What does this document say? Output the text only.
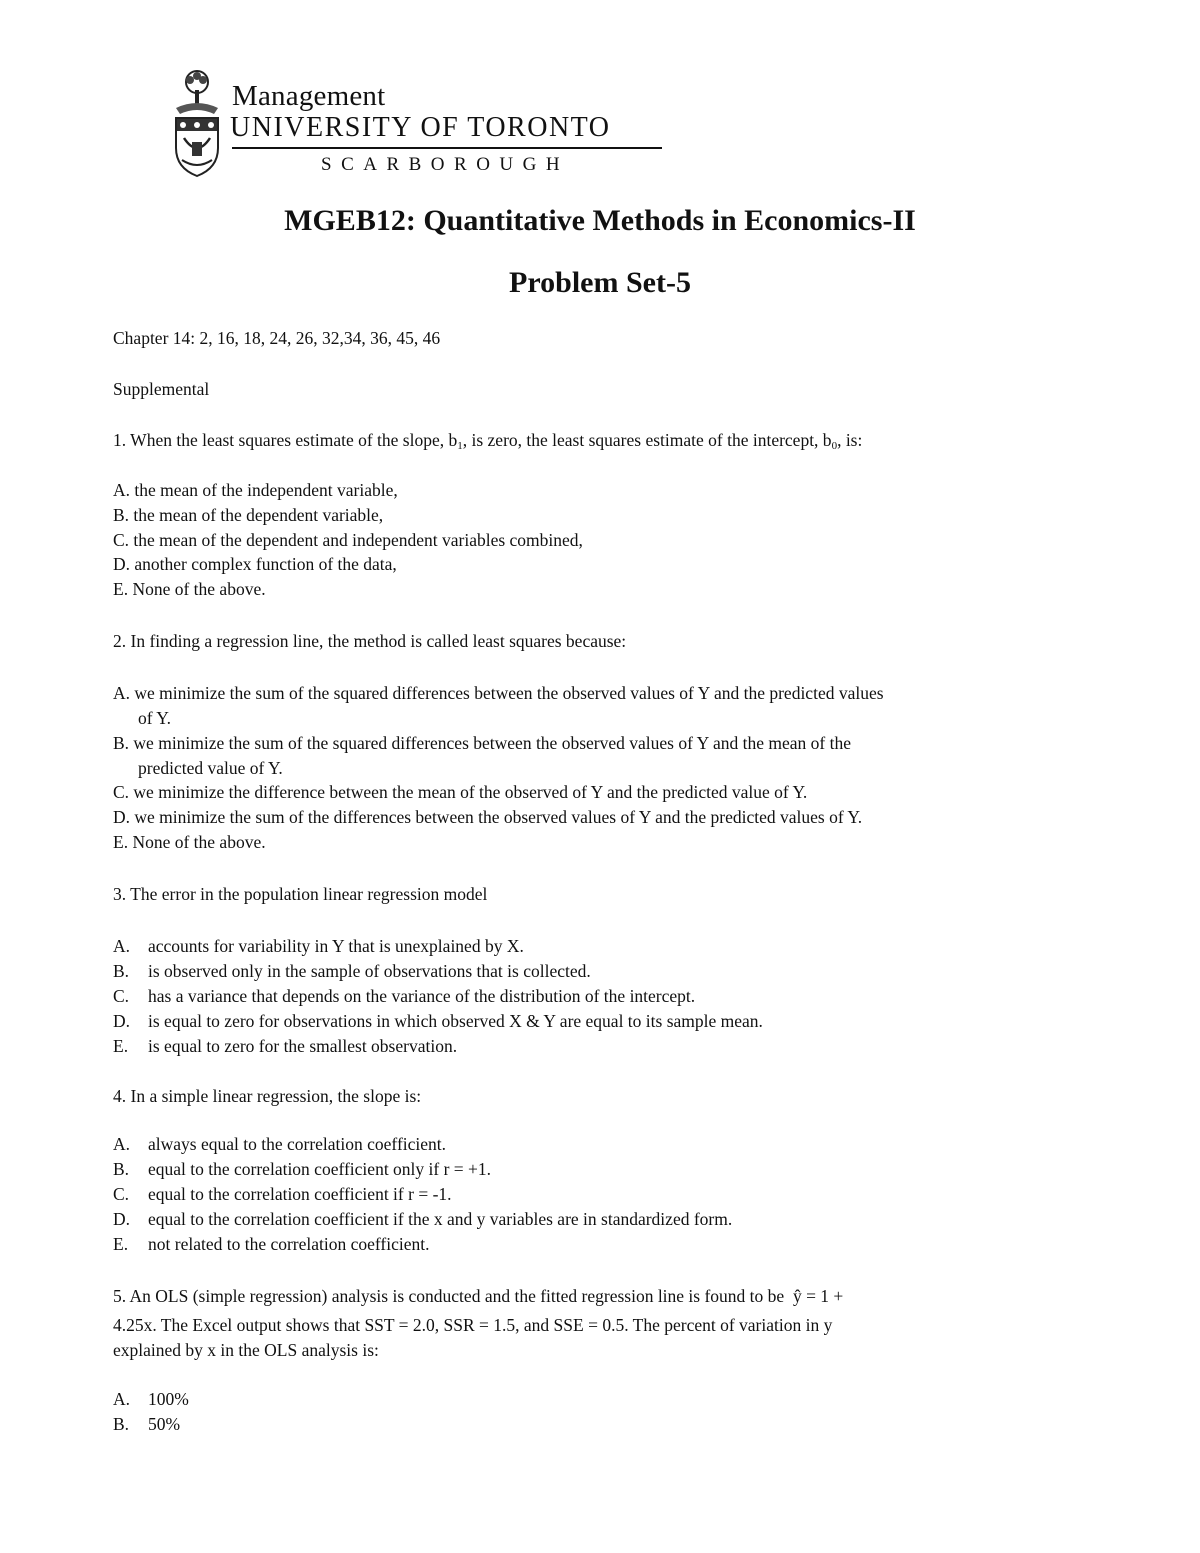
Management
UNIVERSITY OF TORONTO
SCARBOROUGH
MGEB12: Quantitative Methods in Economics-II
Problem Set-5
Chapter 14: 2, 16, 18, 24, 26, 32,34, 36, 45, 46
Supplemental
1. When the least squares estimate of the slope, $b_1$, is zero, the least squares estimate of the intercept, $b_0$, is:
A. the mean of the independent variable,
B. the mean of the dependent variable,
C. the mean of the dependent and independent variables combined,
D. another complex function of the data,
E. None of the above.
2. In finding a regression line, the method is called least squares because:
A. we minimize the sum of the squared differences between the observed values of Y and the predicted values
of Y.
B. we minimize the sum of the squared differences between the observed values of Y and the mean of the
predicted value of Y.
C. we minimize the difference between the mean of the observed of Y and the predicted value of Y.
D. we minimize the sum of the differences between the observed values of Y and the predicted values of Y.
E. None of the above.
3. The error in the population linear regression model
A. accounts for variability in Y that is unexplained by X.
B. is observed only in the sample of observations that is collected.
C. has a variance that depends on the variance of the distribution of the intercept.
D. is equal to zero for observations in which observed X & Y are equal to its sample mean.
E. is equal to zero for the smallest observation.
4. In a simple linear regression, the slope is:
A. always equal to the correlation coefficient.
B. equal to the correlation coefficient only if r = +1.
C. equal to the correlation coefficient if r = -1.
D. equal to the correlation coefficient if the x and y variables are in standardized form.
E. not related to the correlation coefficient.
5. An OLS (simple regression) analysis is conducted and the fitted regression line is found to be ŷ = 1 +
4.25x. The Excel output shows that SST = 2.0, SSR = 1.5, and SSE = 0.5. The percent of variation in y
explained by x in the OLS analysis is:
A. 100%
B. 50%
